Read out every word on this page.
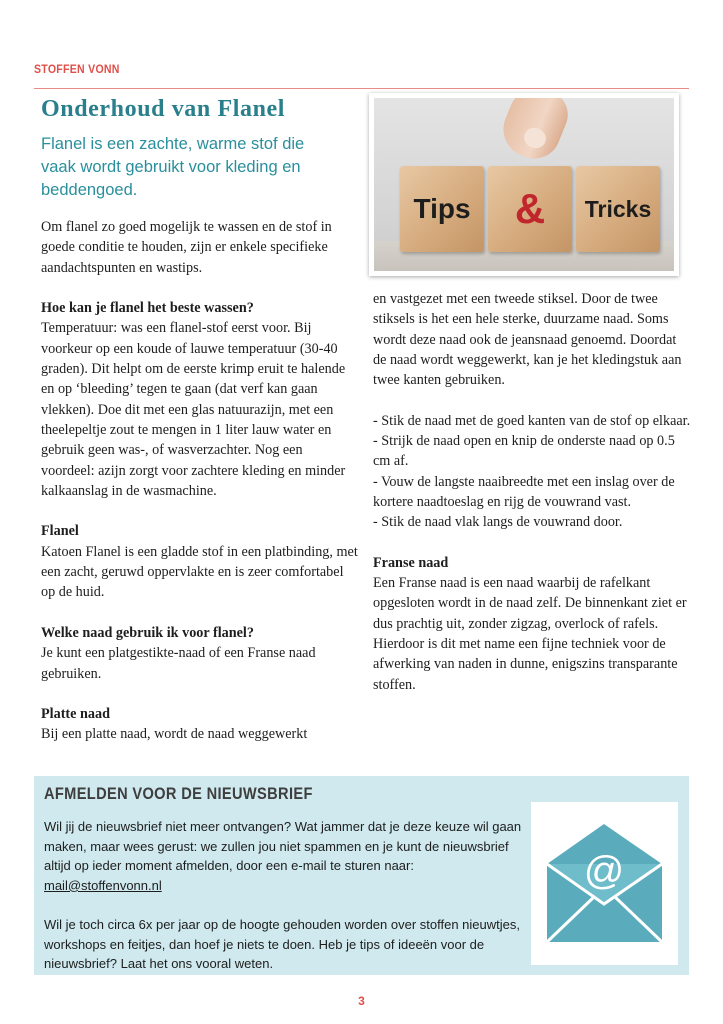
STOFFEN VONN
Onderhoud van Flanel
Flanel is een zachte, warme stof die vaak wordt gebruikt voor kleding en beddengoed.
Tips	&	Tricks

Om flanel zo goed mogelijk te wassen en de stof in goede conditie te houden, zijn er enkele specifieke aandachtspunten en wastips.

Hoe kan je flanel het beste wassen?

Temperatuur: was een flanel-stof eerst voor. Bij voorkeur op een koude of lauwe temperatuur (30-40 graden). Dit helpt om de eerste krimp eruit te halende en op ‘bleeding’ tegen te gaan (dat verf kan gaan vlekken). Doe dit met een glas natuurazijn, met een theelepeltje zout te mengen in 1 liter lauw water en gebruik geen was-, of wasverzachter. Nog een voordeel: azijn zorgt voor zachtere kleding en minder kalkaanslag in de wasmachine.

Flanel

Katoen Flanel is een gladde stof in een platbinding, met een zacht, geruwd oppervlakte en is zeer comfortabel op de huid.

Welke naad gebruik ik voor flanel?

Je kunt een platgestikte-naad of een Franse naad gebruiken.

Platte naad

Bij een platte naad, wordt de naad weggewerkt

en vastgezet met een tweede stiksel. Door de twee stiksels is het een hele sterke, duurzame naad. Soms wordt deze naad ook de jeansnaad genoemd. Doordat de naad wordt weggewerkt, kan je het kledingstuk aan twee kanten gebruiken.

- Stik de naad met de goed kanten van de stof op elkaar.

- Strijk de naad open en knip de onderste naad op 0.5 cm af.

- Vouw de langste naaibreedte met een inslag over de kortere naadtoeslag en rijg de vouwrand vast.

- Stik de naad vlak langs de vouwrand door.

Franse naad

Een Franse naad is een naad waarbij de rafelkant opgesloten wordt in de naad zelf. De binnenkant ziet er dus prachtig uit, zonder zigzag, overlock of rafels. Hierdoor is dit met name een fijne techniek voor de afwerking van naden in dunne, enigszins transparante stoffen.

AFMELDEN VOOR DE NIEUWSBRIEF

Wil jij de nieuwsbrief niet meer ontvangen? Wat jammer dat je deze keuze wil gaan maken, maar wees gerust: we zullen jou niet spammen en je kunt de nieuwsbrief altijd op ieder moment afmelden, door een e-mail te sturen naar: mail@stoffenvonn.nl

Wil je toch circa 6x per jaar op de hoogte gehouden worden over stoffen nieuwtjes, workshops en feitjes, dan hoef je niets te doen. Heb je tips of ideeën voor de nieuwsbrief? Laat het ons vooral weten.

@
3
